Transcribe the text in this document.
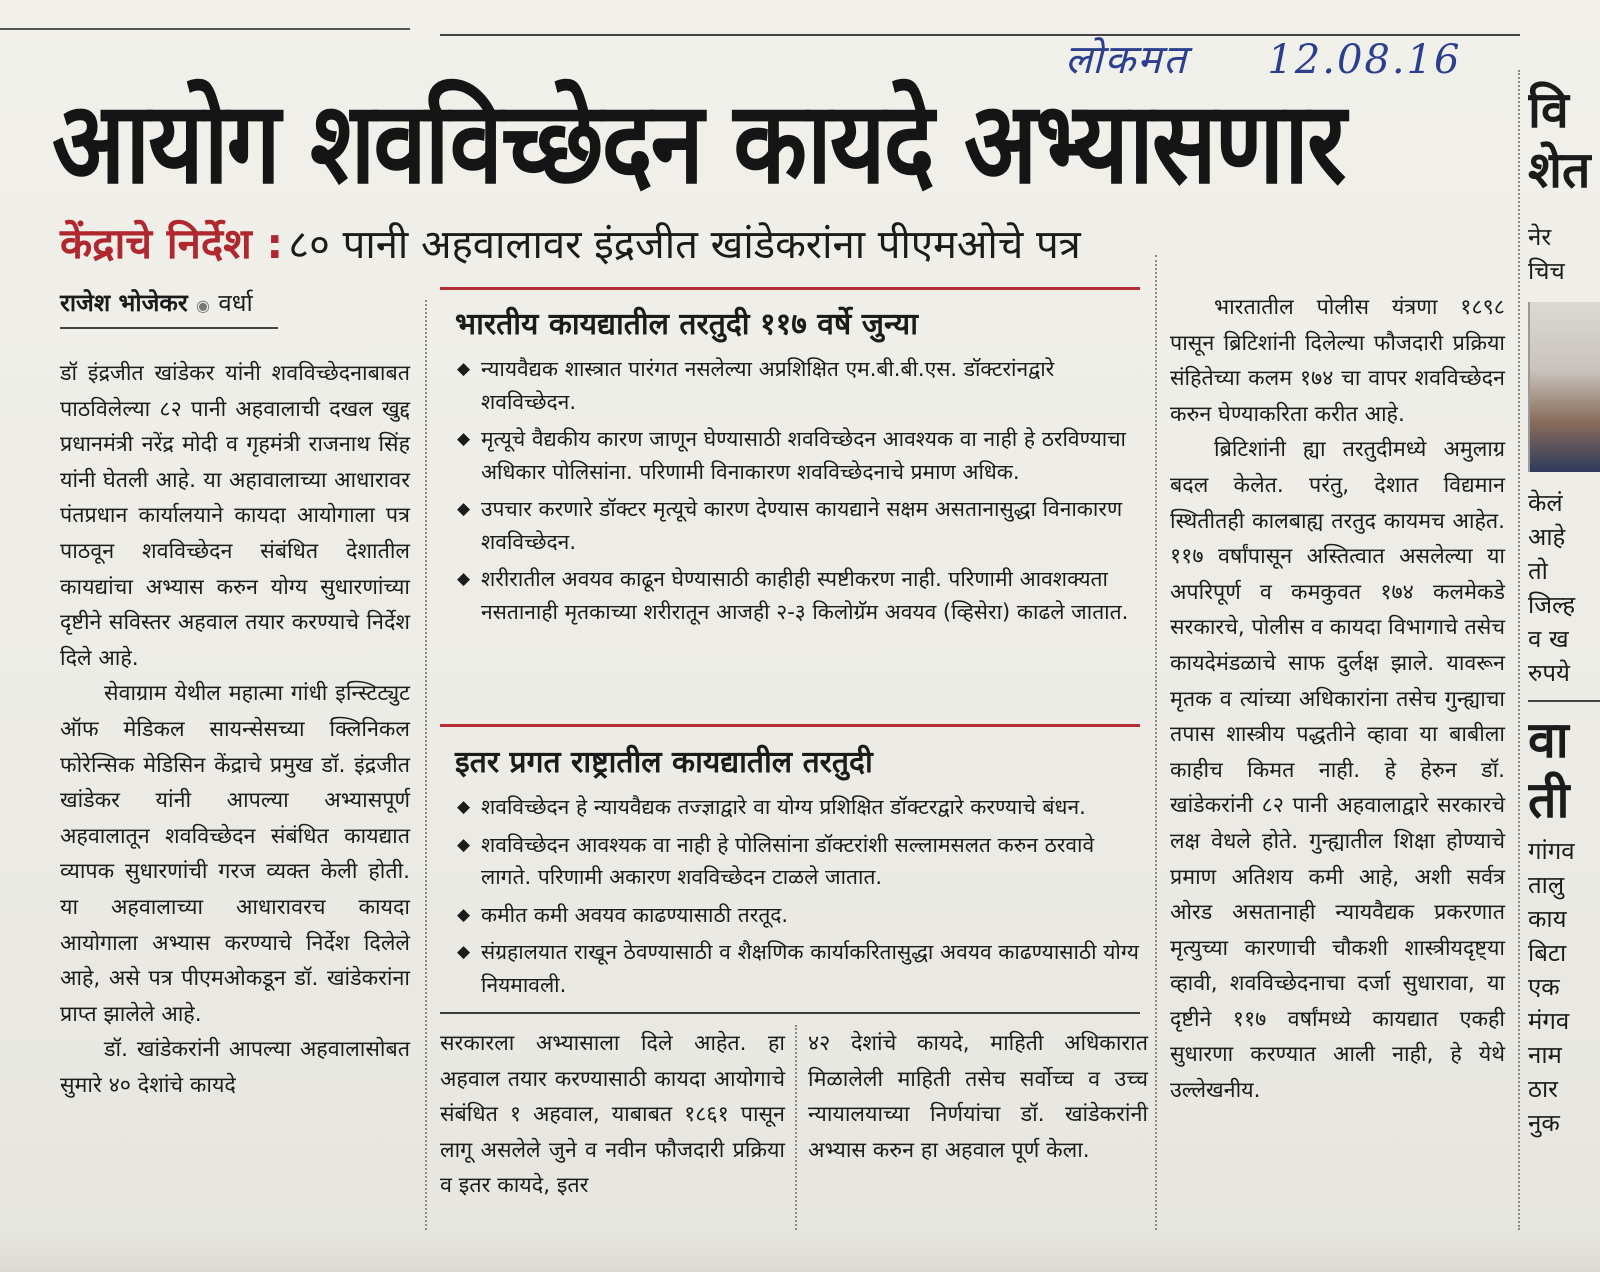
लोकमत 12.08.16
आयोग शवविच्छेदन कायदे अभ्यासणार
केंद्राचे निर्देश : ८० पानी अहवालावर इंद्रजीत खांडेकरांना पीएमओचे पत्र
राजेश भोजेकर ◉ वर्धा

डॉ इंद्रजीत खांडेकर यांनी शवविच्छेदनाबाबत पाठविलेल्या ८२ पानी अहवालाची दखल खुद्द प्रधानमंत्री नरेंद्र मोदी व गृहमंत्री राजनाथ सिंह यांनी घेतली आहे. या अहावालाच्या आधारावर पंतप्रधान कार्यालयाने कायदा आयोगाला पत्र पाठवून शवविच्छेदन संबंधित देशातील कायद्यांचा अभ्यास करुन योग्य सुधारणांच्या दृष्टीने सविस्तर अहवाल तयार करण्याचे निर्देश दिले आहे.

सेवाग्राम येथील महात्मा गांधी इन्स्टिट्युट ऑफ मेडिकल सायन्सेसच्या क्लिनिकल फोरेन्सिक मेडिसिन केंद्राचे प्रमुख डॉ. इंद्रजीत खांडेकर यांनी आपल्या अभ्यासपूर्ण अहवालातून शवविच्छेदन संबंधित कायद्यात व्यापक सुधारणांची गरज व्यक्त केली होती. या अहवालाच्या आधारावरच कायदा आयोगाला अभ्यास करण्याचे निर्देश दिलेले आहे, असे पत्र पीएमओकडून डॉ. खांडेकरांना प्राप्त झालेले आहे.

डॉ. खांडेकरांनी आपल्या अहवालासोबत सुमारे ४० देशांचे कायदे

भारतीय कायद्यातील तरतुदी ११७ वर्षे जुन्या
◆ न्यायवैद्यक शास्त्रात पारंगत नसलेल्या अप्रशिक्षित एम.बी.बी.एस. डॉक्टरांनद्वारे शवविच्छेदन.
◆ मृत्यूचे वैद्यकीय कारण जाणून घेण्यासाठी शवविच्छेदन आवश्यक वा नाही हे ठरविण्याचा अधिकार पोलिसांना. परिणामी विनाकारण शवविच्छेदनाचे प्रमाण अधिक.
◆ उपचार करणारे डॉक्टर मृत्यूचे कारण देण्यास कायद्याने सक्षम असतानासुद्धा विनाकारण शवविच्छेदन.
◆ शरीरातील अवयव काढून घेण्यासाठी काहीही स्पष्टीकरण नाही. परिणामी आवशक्यता नसतानाही मृतकाच्या शरीरातून आजही २-३ किलोग्रॅम अवयव (व्हिसेरा) काढले जातात.
इतर प्रगत राष्ट्रातील कायद्यातील तरतुदी
◆ शवविच्छेदन हे न्यायवैद्यक तज्ज्ञाद्वारे वा योग्य प्रशिक्षित डॉक्टरद्वारे करण्याचे बंधन.
◆ शवविच्छेदन आवश्यक वा नाही हे पोलिसांना डॉक्टरांशी सल्लामसलत करुन ठरवावे लागते. परिणामी अकारण शवविच्छेदन टाळले जातात.
◆ कमीत कमी अवयव काढण्यासाठी तरतूद.
◆ संग्रहालयात राखून ठेवण्यासाठी व शैक्षणिक कार्याकरितासुद्धा अवयव काढण्यासाठी योग्य नियमावली.

सरकारला अभ्यासाला दिले आहेत. हा अहवाल तयार करण्यासाठी कायदा आयोगाचे संबंधित १ अहवाल, याबाबत १८६१ पासून लागू असलेले जुने व नवीन फौजदारी प्रक्रिया व इतर कायदे, इतर

४२ देशांचे कायदे, माहिती अधिकारात मिळालेली माहिती तसेच सर्वोच्च व उच्च न्यायालयाच्या निर्णयांचा डॉ. खांडेकरांनी अभ्यास करुन हा अहवाल पूर्ण केला.

भारतातील पोलीस यंत्रणा १८९८ पासून ब्रिटिशांनी दिलेल्या फौजदारी प्रक्रिया संहितेच्या कलम १७४ चा वापर शवविच्छेदन करुन घेण्याकरिता करीत आहे.

ब्रिटिशांनी ह्या तरतुदीमध्ये अमुलाग्र बदल केलेत. परंतु, देशात विद्यमान स्थितीतही कालबाह्य तरतुद कायमच आहेत. ११७ वर्षांपासून अस्तित्वात असलेल्या या अपरिपूर्ण व कमकुवत १७४ कलमेकडे सरकारचे, पोलीस व कायदा विभागाचे तसेच कायदेमंडळाचे साफ दुर्लक्ष झाले. यावरून मृतक व त्यांच्या अधिकारांना तसेच गुन्ह्याचा तपास शास्त्रीय पद्धतीने व्हावा या बाबीला काहीच किमत नाही. हे हेरुन डॉ. खांडेकरांनी ८२ पानी अहवालाद्वारे सरकारचे लक्ष वेधले होते. गुन्ह्यातील शिक्षा होण्याचे प्रमाण अतिशय कमी आहे, अशी सर्वत्र ओरड असतानाही न्यायवैद्यक प्रकरणात मृत्युच्या कारणाची चौकशी शास्त्रीयदृष्ट्या व्हावी, शवविच्छेदनाचा दर्जा सुधारावा, या दृष्टीने ११७ वर्षांमध्ये कायद्यात एकही सुधारणा करण्यात आली नाही, हे येथे उल्लेखनीय.

वि
शेत
नेर
चिच
केलं
आहे
तो
जिल्ह
व ख
रुपये
वा
ती
गांगव
तालु
काय
बिटा
एक
मंगव
नाम
ठार
नुक
